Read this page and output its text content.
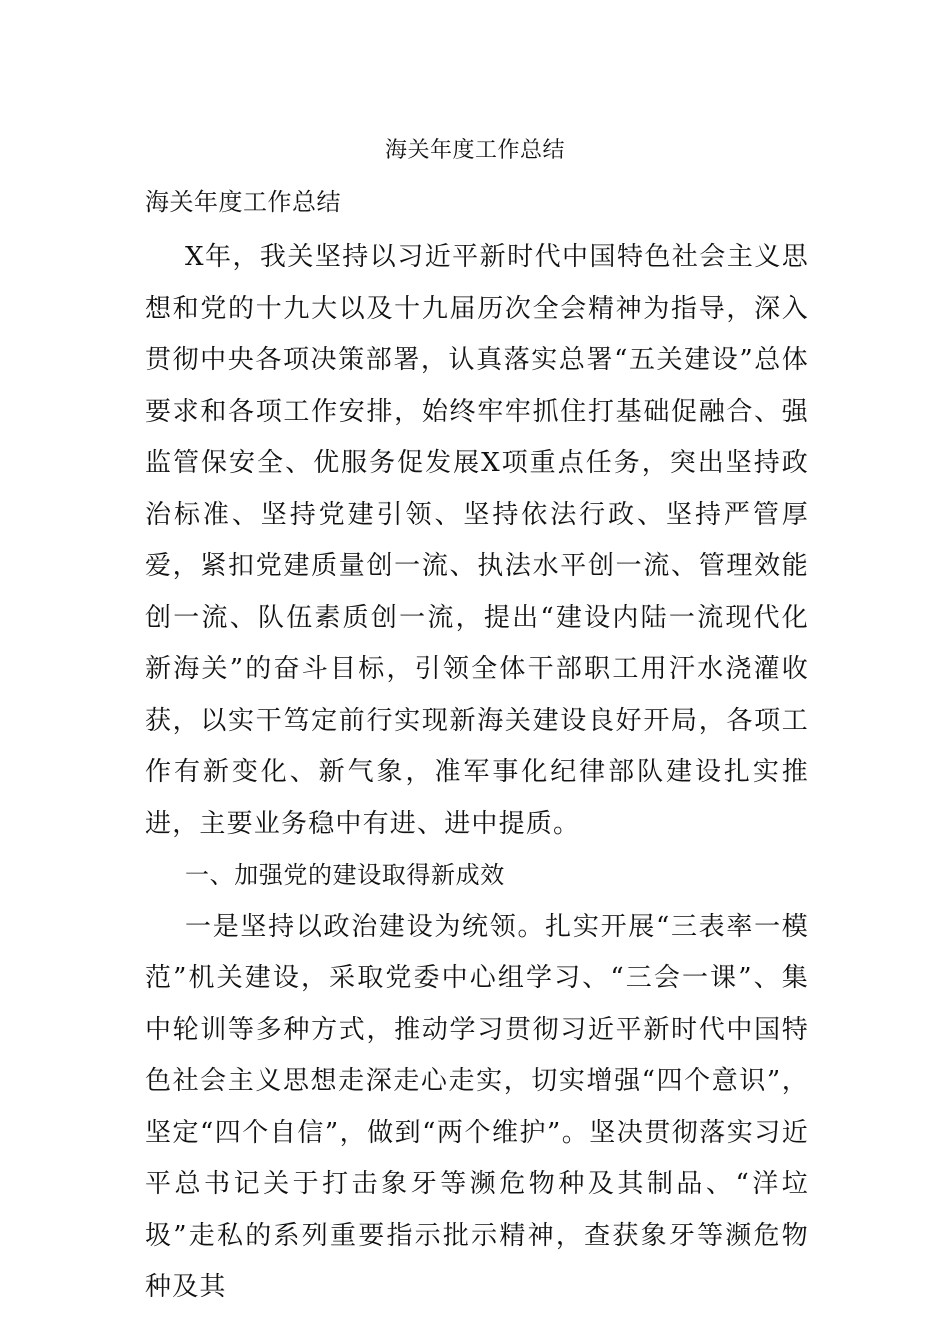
海关年度工作总结

海关年度工作总结

X年，我关坚持以习近平新时代中国特色社会主义思想和党的十九大以及十九届历次全会精神为指导，深入贯彻中央各项决策部署，认真落实总署“五关建设”总体要求和各项工作安排，始终牢牢抓住打基础促融合、强监管保安全、优服务促发展X项重点任务，突出坚持政治标准、坚持党建引领、坚持依法行政、坚持严管厚爱，紧扣党建质量创一流、执法水平创一流、管理效能创一流、队伍素质创一流，提出“建设内陆一流现代化新海关”的奋斗目标，引领全体干部职工用汗水浇灌收获，以实干笃定前行实现新海关建设良好开局，各项工作有新变化、新气象，准军事化纪律部队建设扎实推进，主要业务稳中有进、进中提质。

一、加强党的建设取得新成效

一是坚持以政治建设为统领。扎实开展“三表率一模范”机关建设，采取党委中心组学习、“三会一课”、集中轮训等多种方式，推动学习贯彻习近平新时代中国特色社会主义思想走深走心走实，切实增强“四个意识”，坚定“四个自信”，做到“两个维护”。坚决贯彻落实习近平总书记关于打击象牙等濒危物种及其制品、“洋垃圾”走私的系列重要指示批示精神，查获象牙等濒危物种及其
